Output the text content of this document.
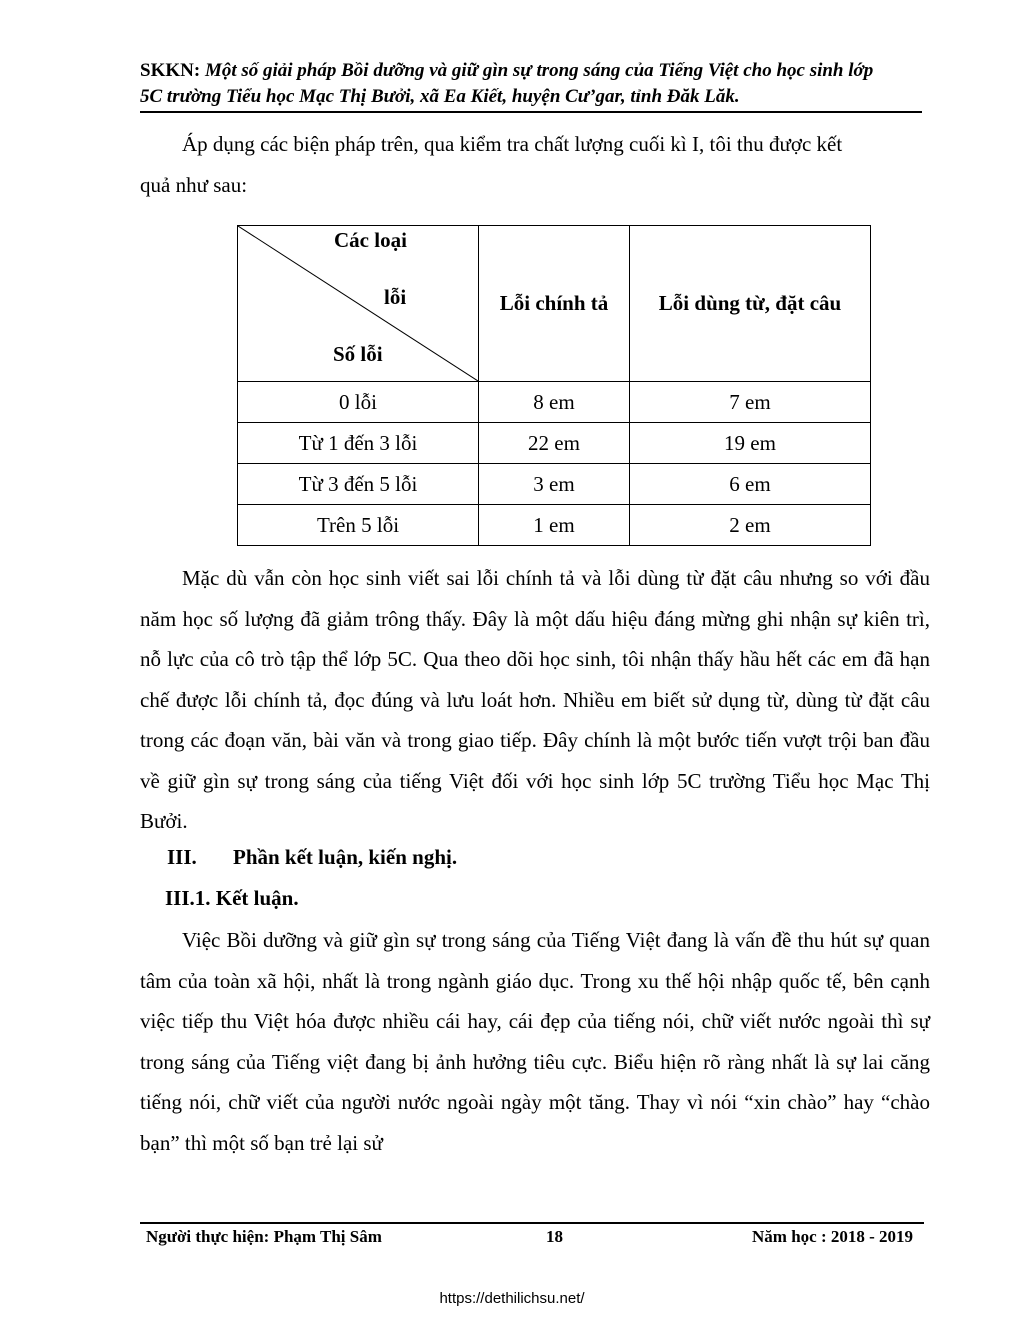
SKKN: Một số giải pháp Bồi dưỡng và giữ gìn sự trong sáng của Tiếng Việt cho học sinh lớp
5C trường Tiểu học Mạc Thị Bưởi, xã Ea Kiết, huyện Cư’gar, tỉnh Đăk Lăk.
Áp dụng các biện pháp trên, qua kiểm tra chất lượng cuối kì I, tôi thu được kết
quả như sau:
Các loại
lỗi
Số lỗi	Lỗi chính tả	Lỗi dùng từ, đặt câu
0 lỗi	8 em	7 em
Từ 1 đến 3 lỗi	22 em	19 em
Từ 3 đến 5 lỗi	3 em	6 em
Trên 5 lỗi	1 em	2 em
Mặc dù vẫn còn học sinh viết sai lỗi chính tả và lỗi dùng từ đặt câu nhưng so với đầu năm học số lượng đã giảm trông thấy. Đây là một dấu hiệu đáng mừng ghi nhận sự kiên trì, nỗ lực của cô trò tập thể lớp 5C. Qua theo dõi học sinh, tôi nhận thấy hầu hết các em đã hạn chế được lỗi chính tả, đọc đúng và lưu loát hơn. Nhiều em biết sử dụng từ, dùng từ đặt câu trong các đoạn văn, bài văn và trong giao tiếp. Đây chính là một bước tiến vượt trội ban đầu về giữ gìn sự trong sáng của tiếng Việt đối với học sinh lớp 5C trường Tiểu học Mạc Thị Bưởi.
III. Phần kết luận, kiến nghị.
III.1. Kết luận.
Việc Bồi dưỡng và giữ gìn sự trong sáng của Tiếng Việt đang là vấn đề thu hút sự quan tâm của toàn xã hội, nhất là trong ngành giáo dục. Trong xu thế hội nhập quốc tế, bên cạnh việc tiếp thu Việt hóa được nhiều cái hay, cái đẹp của tiếng nói, chữ viết nước ngoài thì sự trong sáng của Tiếng việt đang bị ảnh hưởng tiêu cực. Biểu hiện rõ ràng nhất là sự lai căng tiếng nói, chữ viết của người nước ngoài ngày một tăng. Thay vì nói “xin chào” hay “chào bạn” thì một số bạn trẻ lại sử
Người thực hiện: Phạm Thị Sâm	18	Năm học : 2018 - 2019
https://dethilichsu.net/
